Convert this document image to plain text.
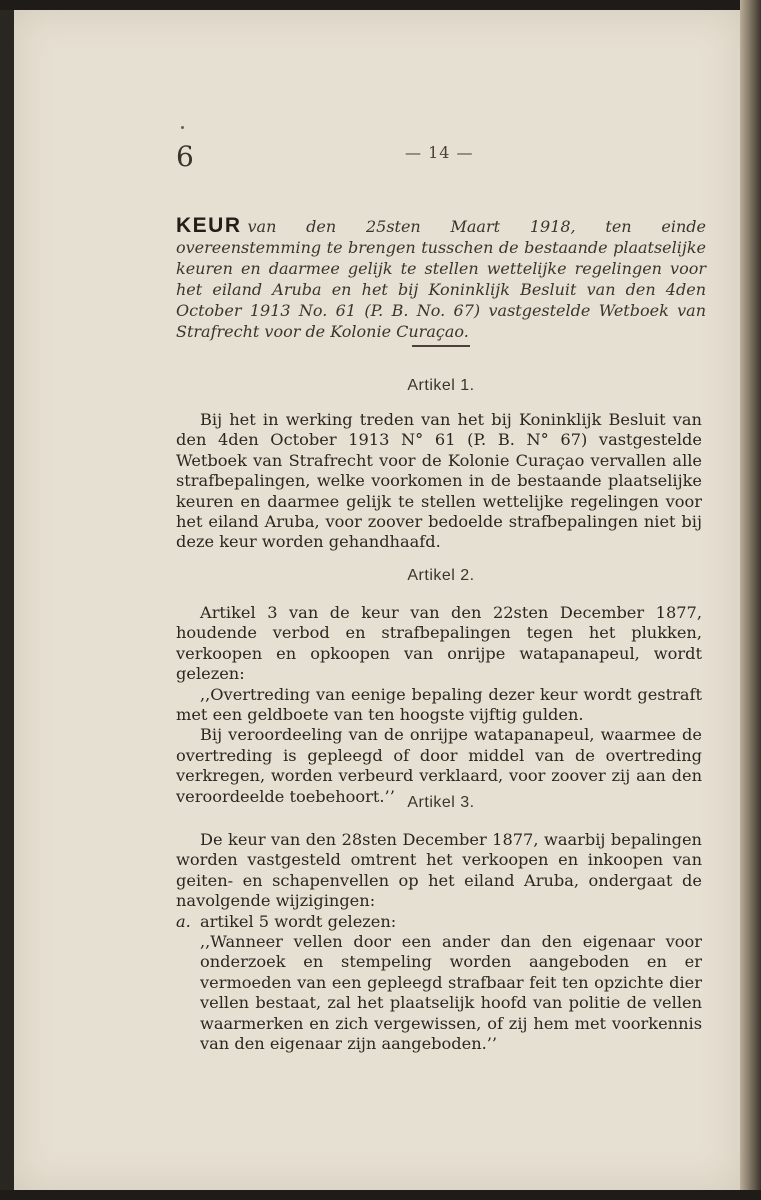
6	— 14 —
KEUR van den 25sten Maart 1918, ten einde overeenstemming te brengen tusschen de bestaande plaatselijke keuren en daarmee gelijk te stellen wettelijke regelingen voor het eiland Aruba en het bij Koninklijk Besluit van den 4den October 1913 No. 61 (P. B. No. 67) vastgestelde Wetboek van Strafrecht voor de Kolonie Curaçao.
Artikel 1.

Bij het in werking treden van het bij Koninklijk Besluit van den 4den October 1913 N° 61 (P. B. N° 67) vastgestelde Wetboek van Strafrecht voor de Kolonie Curaçao vervallen alle strafbepalingen, welke voorkomen in de bestaande plaatselijke keuren en daarmee gelijk te stellen wettelijke regelingen voor het eiland Aruba, voor zoover bedoelde strafbepalingen niet bij deze keur worden gehandhaafd.

Artikel 2.

Artikel 3 van de keur van den 22sten December 1877, houdende verbod en strafbepalingen tegen het plukken, verkoopen en opkoopen van onrijpe watapanapeul, wordt gelezen:

,,Overtreding van eenige bepaling dezer keur wordt gestraft met een geldboete van ten hoogste vijftig gulden.

Bij veroordeeling van de onrijpe watapanapeul, waarmee de overtreding is gepleegd of door middel van de overtreding verkregen, worden verbeurd verklaard, voor zoover zij aan den veroordeelde toebehoort.’’ Artikel 3.

De keur van den 28sten December 1877, waarbij bepalingen worden vastgesteld omtrent het verkoopen en inkoopen van geiten- en schapenvellen op het eiland Aruba, ondergaat de navolgende wijzigingen:

a. artikel 5 wordt gelezen:

,,Wanneer vellen door een ander dan den eigenaar voor onderzoek en stempeling worden aangeboden en er vermoeden van een gepleegd strafbaar feit ten opzichte dier vellen bestaat, zal het plaatselijk hoofd van politie de vellen waarmerken en zich vergewissen, of zij hem met voorkennis van den eigenaar zijn aangeboden.’’
